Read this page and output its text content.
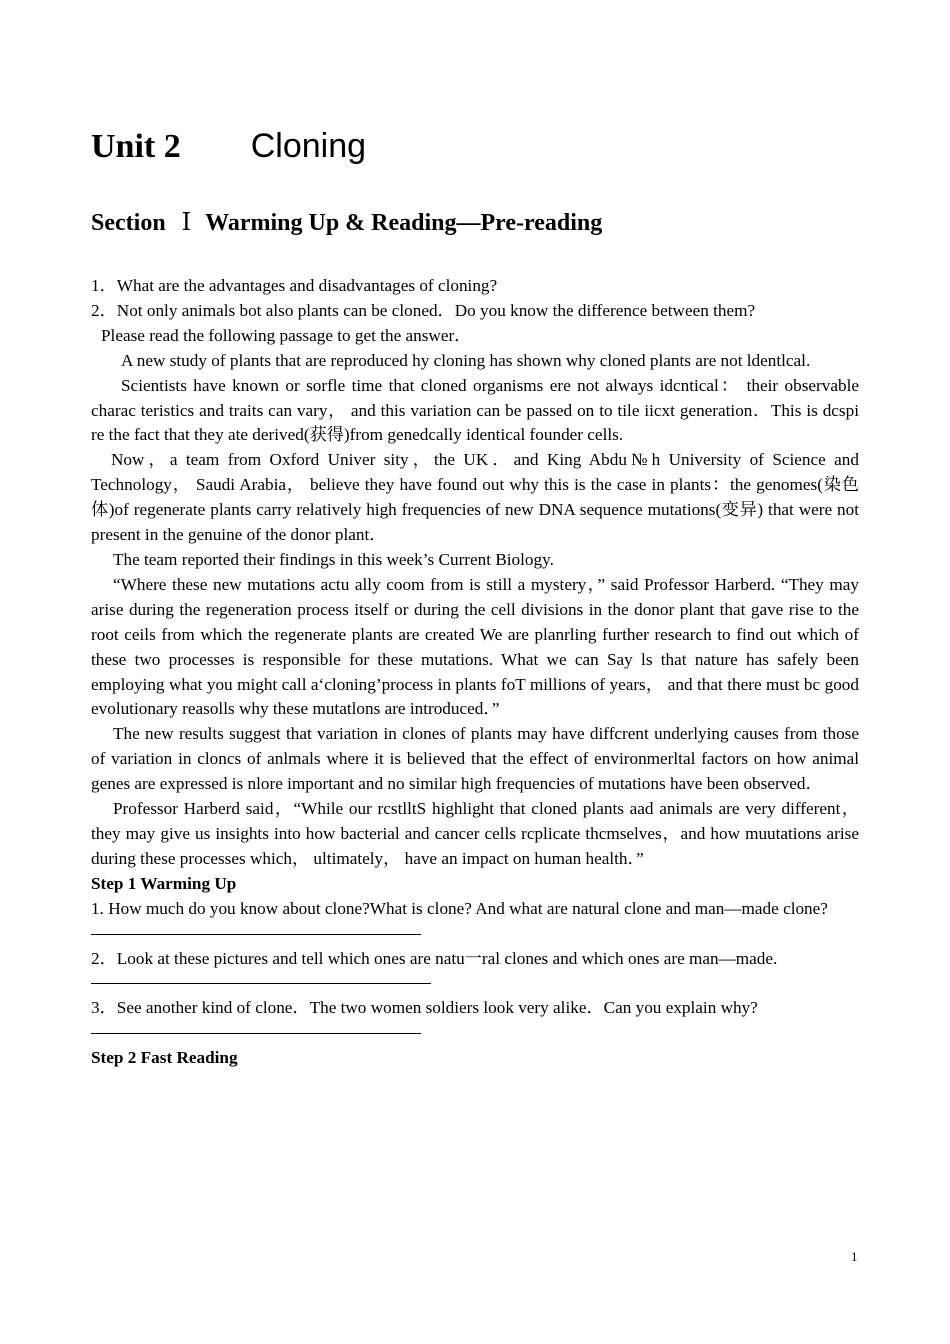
Unit 2 Cloning
Section Ⅰ Warming Up & Reading—Pre-reading

1．What are the advantages and disadvantages of cloning?

2．Not only animals bot also plants can be cloned．Do you know the difference between them?

Please read the following passage to get the answer．

A new study of plants that are reproduced hy cloning has shown why cloned plants are not ldentlcal.

Scientists have known or sorfle time that cloned organisms ere not always idcntical： their observable charac teristics and traits can vary， and this variation can be passed on to tile iicxt generation．This is dcspi re the fact that they ate derived(获得)from genedcally identical founder cells.

Now，a team from Oxford Univer sity，the UK．and King Abdu№h University of Science and Technology， Saudi Arabia， believe they have found out why this is the case in plants：the genomes(染色体)of regenerate plants carry relatively high frequencies of new DNA sequence mutations(变异) that were not present in the genuine of the donor plant．

The team reported their findings in this week’s Current Biology.

“Where these new mutations actu ally coom from is still a mystery，” said Professor Harberd. “They may arise during the regeneration process itself or during the cell divisions in the donor plant that gave rise to the root ceils from which the regenerate plants are created We are planrling further research to find out which of these two processes is responsible for these mutations. What we can Say ls that nature has safely been employing what you might call a‘cloning’process in plants foT millions of years， and that there must bc good evolutionary reasolls why these mutatlons are introduced．”

The new results suggest that variation in clones of plants may have diffcrent underlying causes from those of variation in cloncs of anlmals where it is believed that the effect of environmerltal factors on how animal genes are expressed is nlore important and no similar high frequencies of mutations have been observed．

Professor Harberd said，“While our rcstlltS highlight that cloned plants aad animals are very different，they may give us insights into how bacterial and cancer cells rcplicate thcmselves，and how muutations arise during these processes which， ultimately， have an impact on human health．”

Step 1 Warming Up

1. How much do you know about clone?What is clone? And what are natural clone and man—made clone?

2．Look at these pictures and tell which ones are natu一ral clones and which ones are man—made.

3．See another kind of clone．The two women soldiers look very alike．Can you explain why?

Step 2 Fast Reading

1
